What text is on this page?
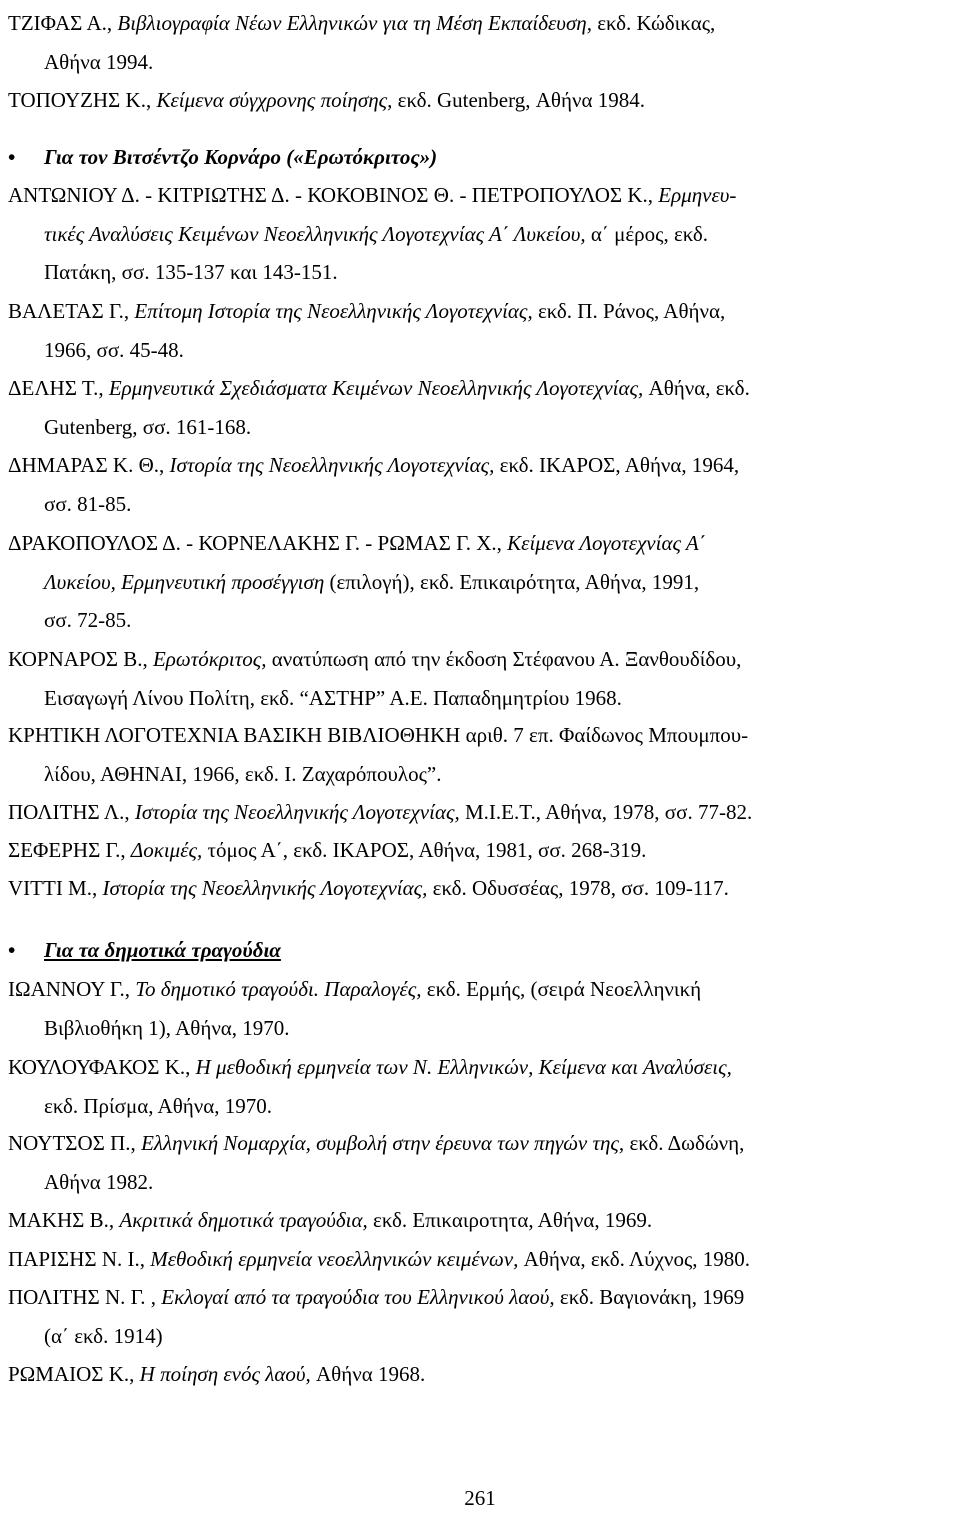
ΤΖΙΦΑΣ Α., Βιβλιογραφία Νέων Ελληνικών για τη Μέση Εκπαίδευση, εκδ. Κώδικας,
Αθήνα 1994.
ΤΟΠΟΥΖΗΣ Κ., Κείμενα σύγχρονης ποίησης, εκδ. Gutenberg, Αθήνα 1984.
• Για τον Βιτσέντζο Κορνάρο («Ερωτόκριτος»)
ΑΝΤΩΝΙΟΥ Δ. - ΚΙΤΡΙΩΤΗΣ Δ. - ΚΟΚΟΒΙΝΟΣ Θ. - ΠΕΤΡΟΠΟΥΛΟΣ Κ., Ερμηνευ-
τικές Αναλύσεις Κειμένων Νεοελληνικής Λογοτεχνίας Α΄ Λυκείου, α΄ μέρος, εκδ.
Πατάκη, σσ. 135-137 και 143-151.
ΒΑΛΕΤΑΣ Γ., Επίτομη Ιστορία της Νεοελληνικής Λογοτεχνίας, εκδ. Π. Ράνος, Αθήνα,
1966, σσ. 45-48.
ΔΕΛΗΣ Τ., Ερμηνευτικά Σχεδιάσματα Κειμένων Νεοελληνικής Λογοτεχνίας, Αθήνα, εκδ.
Gutenberg, σσ. 161-168.
ΔΗΜΑΡΑΣ Κ. Θ., Ιστορία της Νεοελληνικής Λογοτεχνίας, εκδ. ΙΚΑΡΟΣ, Αθήνα, 1964,
σσ. 81-85.
ΔΡΑΚΟΠΟΥΛΟΣ Δ. - ΚΟΡΝΕΛΑΚΗΣ Γ. - ΡΩΜΑΣ Γ. Χ., Κείμενα Λογοτεχνίας Α΄
Λυκείου, Ερμηνευτική προσέγγιση (επιλογή), εκδ. Επικαιρότητα, Αθήνα, 1991,
σσ. 72-85.
ΚΟΡΝΑΡΟΣ Β., Ερωτόκριτος, ανατύπωση από την έκδοση Στέφανου Α. Ξανθουδίδου,
Εισαγωγή Λίνου Πολίτη, εκδ. “ΑΣΤΗΡ” Α.Ε. Παπαδημητρίου 1968.
ΚΡΗΤΙΚΗ ΛΟΓΟΤΕΧΝΙΑ ΒΑΣΙΚΗ ΒΙΒΛΙΟΘΗΚΗ αριθ. 7 επ. Φαίδωνος Μπουμπου-
λίδου, ΑΘΗΝΑΙ, 1966, εκδ. Ι. Ζαχαρόπουλος”.
ΠΟΛΙΤΗΣ Λ., Ιστορία της Νεοελληνικής Λογοτεχνίας, Μ.Ι.Ε.Τ., Αθήνα, 1978, σσ. 77-82.
ΣΕΦΕΡΗΣ Γ., Δοκιμές, τόμος Α΄, εκδ. ΙΚΑΡΟΣ, Αθήνα, 1981, σσ. 268-319.
VITTI Μ., Ιστορία της Νεοελληνικής Λογοτεχνίας, εκδ. Οδυσσέας, 1978, σσ. 109-117.
• Για τα δημοτικά τραγούδια
ΙΩΑΝΝΟΥ Γ., Το δημοτικό τραγούδι. Παραλογές, εκδ. Ερμής, (σειρά Νεοελληνική
Βιβλιοθήκη 1), Αθήνα, 1970.
ΚΟΥΛΟΥΦΑΚΟΣ Κ., Η μεθοδική ερμηνεία των Ν. Ελληνικών, Κείμενα και Αναλύσεις,
εκδ. Πρίσμα, Αθήνα, 1970.
ΝΟΥΤΣΟΣ Π., Ελληνική Νομαρχία, συμβολή στην έρευνα των πηγών της, εκδ. Δωδώνη,
Αθήνα 1982.
ΜΑΚΗΣ Β., Ακριτικά δημοτικά τραγούδια, εκδ. Επικαιροτητα, Αθήνα, 1969.
ΠΑΡΙΣΗΣ Ν. Ι., Μεθοδική ερμηνεία νεοελληνικών κειμένων, Αθήνα, εκδ. Λύχνος, 1980.
ΠΟΛΙΤΗΣ Ν. Γ. , Εκλογαί από τα τραγούδια του Ελληνικού λαού, εκδ. Βαγιονάκη, 1969
(α΄ εκδ. 1914)
ΡΩΜΑΙΟΣ Κ., Η ποίηση ενός λαού, Αθήνα 1968.
261
